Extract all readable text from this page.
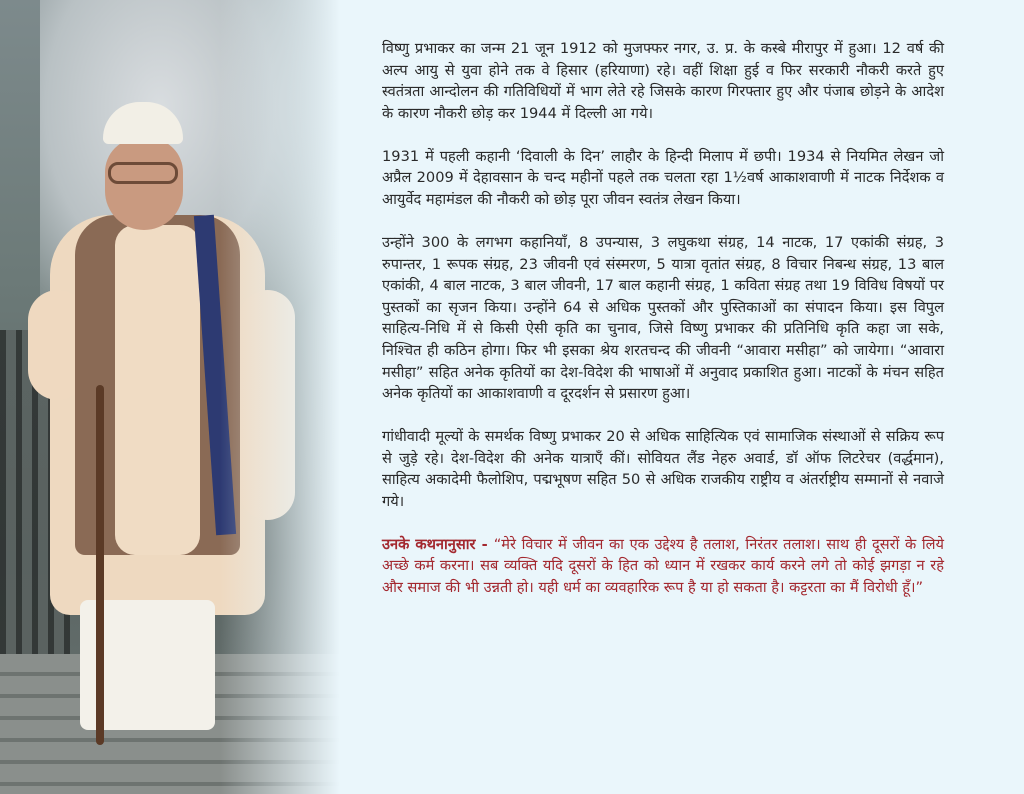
विष्णु प्रभाकर का जन्म 21 जून 1912 को मुजफ्फर नगर, उ. प्र. के कस्बे मीरापुर में हुआ। 12 वर्ष की अल्प आयु से युवा होने तक वे हिसार (हरियाणा) रहे। वहीं शिक्षा हुई व फिर सरकारी नौकरी करते हुए स्वतंत्रता आन्दोलन की गतिविधियों में भाग लेते रहे जिसके कारण गिरफ्तार हुए और पंजाब छोड़ने के आदेश के कारण नौकरी छोड़ कर 1944 में दिल्ली आ गये।

1931 में पहली कहानी ‘दिवाली के दिन’ लाहौर के हिन्दी मिलाप में छपी। 1934 से नियमित लेखन जो अप्रैल 2009 में देहावसान के चन्द महीनों पहले तक चलता रहा 1½वर्ष आकाशवाणी में नाटक निर्देशक व आयुर्वेद महामंडल की नौकरी को छोड़ पूरा जीवन स्वतंत्र लेखन किया।

उन्होंने 300 के लगभग कहानियाँ, 8 उपन्यास, 3 लघुकथा संग्रह, 14 नाटक, 17 एकांकी संग्रह, 3 रुपान्तर, 1 रूपक संग्रह, 23 जीवनी एवं संस्मरण, 5 यात्रा वृतांत संग्रह, 8 विचार निबन्ध संग्रह, 13 बाल एकांकी, 4 बाल नाटक, 3 बाल जीवनी, 17 बाल कहानी संग्रह, 1 कविता संग्रह तथा 19 विविध विषयों पर पुस्तकों का सृजन किया। उन्होंने 64 से अधिक पुस्तकों और पुस्तिकाओं का संपादन किया। इस विपुल साहित्य-निधि में से किसी ऐसी कृति का चुनाव, जिसे विष्णु प्रभाकर की प्रतिनिधि कृति कहा जा सके, निश्चित ही कठिन होगा। फिर भी इसका श्रेय शरतचन्द की जीवनी “आवारा मसीहा” को जायेगा। “आवारा मसीहा” सहित अनेक कृतियों का देश-विदेश की भाषाओं में अनुवाद प्रकाशित हुआ। नाटकों के मंचन सहित अनेक कृतियों का आकाशवाणी व दूरदर्शन से प्रसारण हुआ।

गांधीवादी मूल्यों के समर्थक विष्णु प्रभाकर 20 से अधिक साहित्यिक एवं सामाजिक संस्थाओं से सक्रिय रूप से जुड़े रहे। देश-विदेश की अनेक यात्राएँ कीं। सोवियत लैंड नेहरु अवार्ड, डॉ ऑफ लिटरेचर (वर्द्धमान), साहित्य अकादेमी फैलोशिप, पद्मभूषण सहित 50 से अधिक राजकीय राष्ट्रीय व अंतर्राष्ट्रीय सम्मानों से नवाजे गये।

उनके कथनानुसार - “मेरे विचार में जीवन का एक उद्देश्य है तलाश, निरंतर तलाश। साथ ही दूसरों के लिये अच्छे कर्म करना। सब व्यक्ति यदि दूसरों के हित को ध्यान में रखकर कार्य करने लगे तो कोई झगड़ा न रहे और समाज की भी उन्नती हो। यही धर्म का व्यवहारिक रूप है या हो सकता है। कट्टरता का मैं विरोधी हूँ।”
